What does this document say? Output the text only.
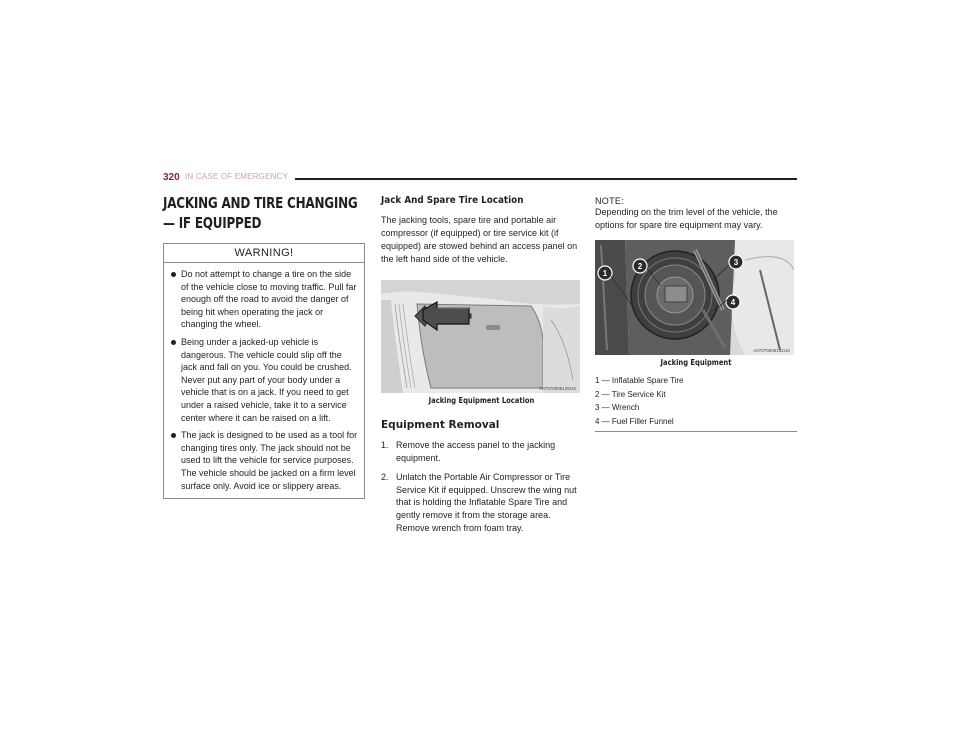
320 IN CASE OF EMERGENCY
JACKING AND TIRE CHANGING — IF EQUIPPED
WARNING!
Do not attempt to change a tire on the side of the vehicle close to moving traffic. Pull far enough off the road to avoid the danger of being hit when operating the jack or changing the wheel.
Being under a jacked-up vehicle is dangerous. The vehicle could slip off the jack and fall on you. You could be crushed. Never put any part of your body under a vehicle that is on a jack. If you need to get under a raised vehicle, take it to a service center where it can be raised on a lift.
The jack is designed to be used as a tool for changing tires only. The jack should not be used to lift the vehicle for service purposes. The vehicle should be jacked on a firm level surface only. Avoid ice or slippery areas.
Jack And Spare Tire Location

The jacking tools, spare tire and portable air compressor (if equipped) or tire service kit (if equipped) are stowed behind an access panel on the left hand side of the vehicle.

A07070006125US
Jacking Equipment Location
Equipment Removal
1. Remove the access panel to the jacking equipment.
2. Unlatch the Portable Air Compressor or Tire Service Kit if equipped. Unscrew the wing nut that is holding the Inflatable Spare Tire and gently remove it from the storage area. Remove wrench from foam tray.
NOTE:

Depending on the trim level of the vehicle, the options for spare tire equipment may vary.

1
2	3
4
A07070006132US
Jacking Equipment
1 — Inflatable Spare Tire
2 — Tire Service Kit
3 — Wrench
4 — Fuel Filler Funnel
